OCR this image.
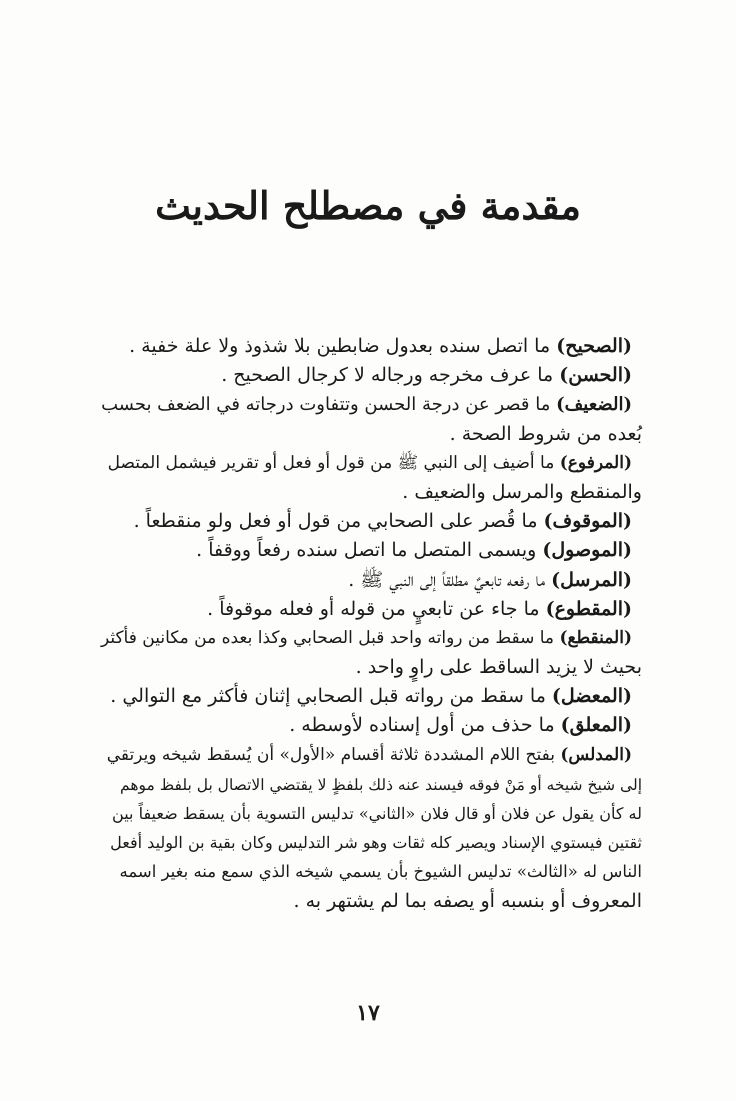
مقدمة في مصطلح الحديث
(الصحيح) ما اتصل سنده بعدول ضابطين بلا شذوذ ولا علة خفية .
(الحسن) ما عرف مخرجه ورجاله لا كرجال الصحيح .
(الضعيف) ما قصر عن درجة الحسن وتتفاوت درجاته في الضعف بحسب
بُعده من شروط الصحة .
(المرفوع) ما أضيف إلى النبي ﷺ من قول أو فعل أو تقرير فيشمل المتصل
والمنقطع والمرسل والضعيف .
(الموقوف) ما قُصر على الصحابي من قول أو فعل ولو منقطعاً .
(الموصول) ويسمى المتصل ما اتصل سنده رفعاً ووقفاً .
(المرسل) ما رفعه تابعيٌ مطلقاً إلى النبي ﷺ .
(المقطوع) ما جاء عن تابعيٍ من قوله أو فعله موقوفاً .
(المنقطع) ما سقط من رواته واحد قبل الصحابي وكذا بعده من مكانين فأكثر
بحيث لا يزيد الساقط على راوٍ واحد .
(المعضل) ما سقط من رواته قبل الصحابي إثنان فأكثر مع التوالي .
(المعلق) ما حذف من أول إسناده لأوسطه .
(المدلس) بفتح اللام المشددة ثلاثة أقسام «الأول» أن يُسقط شيخه ويرتقي
إلى شيخ شيخه أو مَنْ فوقه فيسند عنه ذلك بلفظٍ لا يقتضي الاتصال بل بلفظ موهم
له كأن يقول عن فلان أو قال فلان «الثاني» تدليس التسوية بأن يسقط ضعيفاً بين
ثقتين فيستوي الإسناد ويصير كله ثقات وهو شر التدليس وكان بقية بن الوليد أفعل
الناس له «الثالث» تدليس الشيوخ بأن يسمي شيخه الذي سمع منه بغير اسمه
المعروف أو بنسبه أو يصفه بما لم يشتهر به .
١٧
